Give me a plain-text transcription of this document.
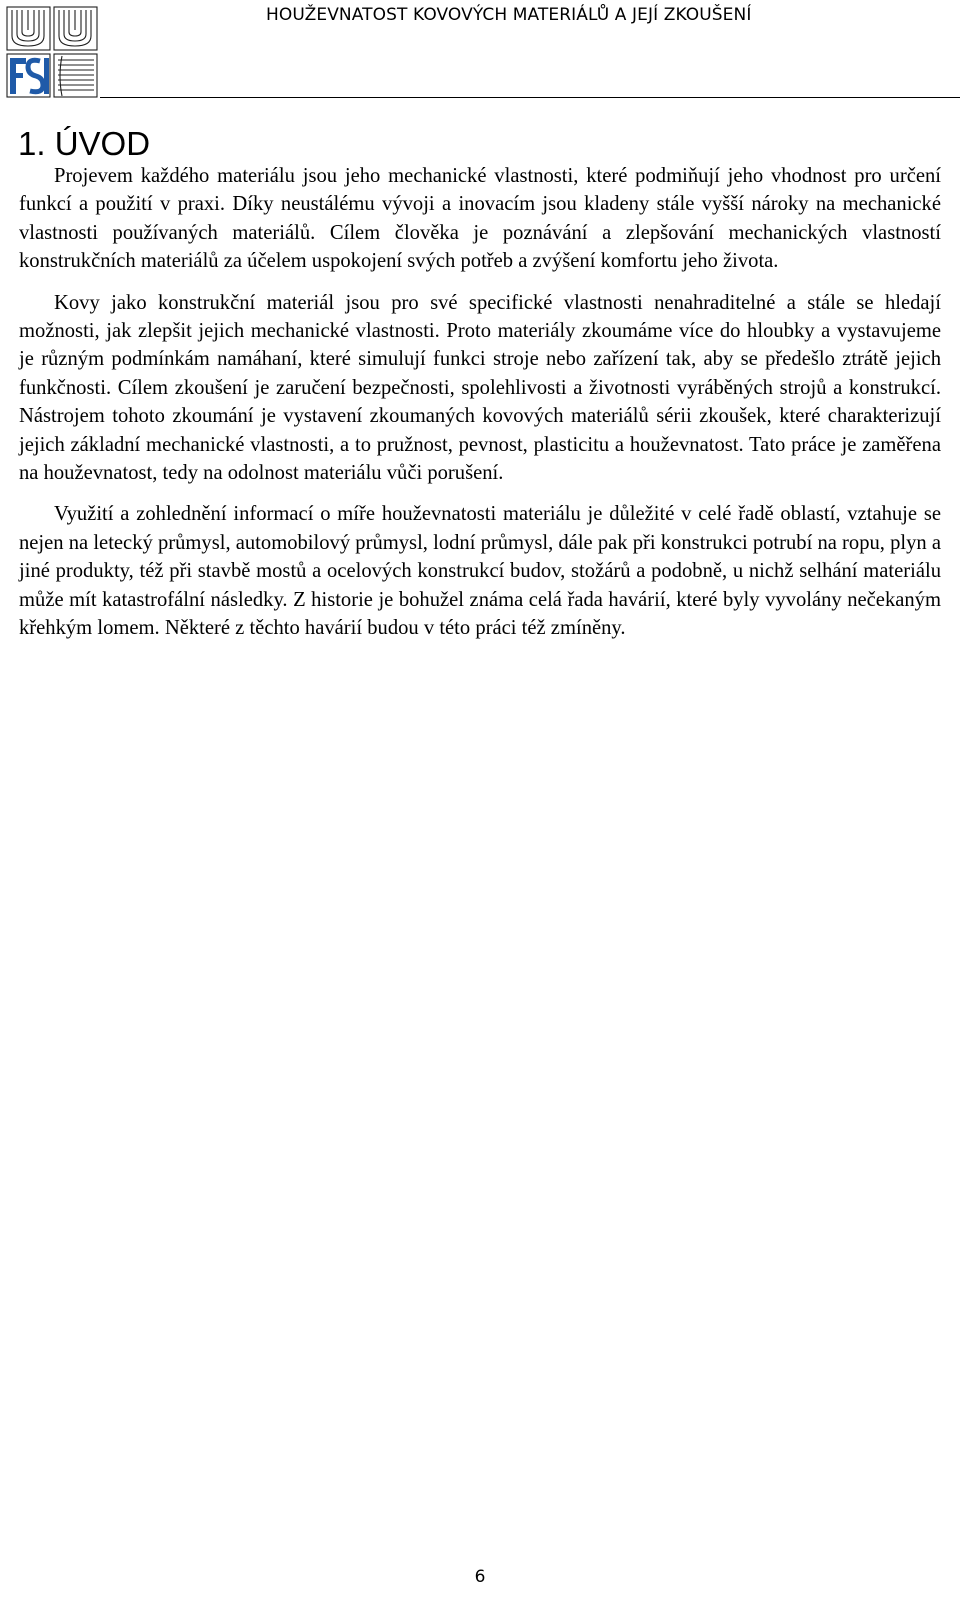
HOUŽEVNATOST KOVOVÝCH MATERIÁLŮ A JEJÍ ZKOUŠENÍ
1. ÚVOD

Projevem každého materiálu jsou jeho mechanické vlastnosti, které podmiňují jeho vhodnost pro určení funkcí a použití v praxi. Díky neustálému vývoji a inovacím jsou kladeny stále vyšší nároky na mechanické vlastnosti používaných materiálů. Cílem člověka je poznávání a zlepšování mechanických vlastností konstrukčních materiálů za účelem uspokojení svých potřeb a zvýšení komfortu jeho života.

Kovy jako konstrukční materiál jsou pro své specifické vlastnosti nenahraditelné a stále se hledají možnosti, jak zlepšit jejich mechanické vlastnosti. Proto materiály zkoumáme více do hloubky a vystavujeme je různým podmínkám namáhaní, které simulují funkci stroje nebo zařízení tak, aby se předešlo ztrátě jejich funkčnosti. Cílem zkoušení je zaručení bezpečnosti, spolehlivosti a životnosti vyráběných strojů a konstrukcí. Nástrojem tohoto zkoumání je vystavení zkoumaných kovových materiálů sérii zkoušek, které charakterizují jejich základní mechanické vlastnosti, a to pružnost, pevnost, plasticitu a houževnatost. Tato práce je zaměřena na houževnatost, tedy na odolnost materiálu vůči porušení.

Využití a zohlednění informací o míře houževnatosti materiálu je důležité v celé řadě oblastí, vztahuje se nejen na letecký průmysl, automobilový průmysl, lodní průmysl, dále pak při konstrukci potrubí na ropu, plyn a jiné produkty, též při stavbě mostů a ocelových konstrukcí budov, stožárů a podobně, u nichž selhání materiálu může mít katastrofální následky. Z historie je bohužel známa celá řada havárií, které byly vyvolány nečekaným křehkým lomem. Některé z těchto havárií budou v této práci též zmíněny.

6
